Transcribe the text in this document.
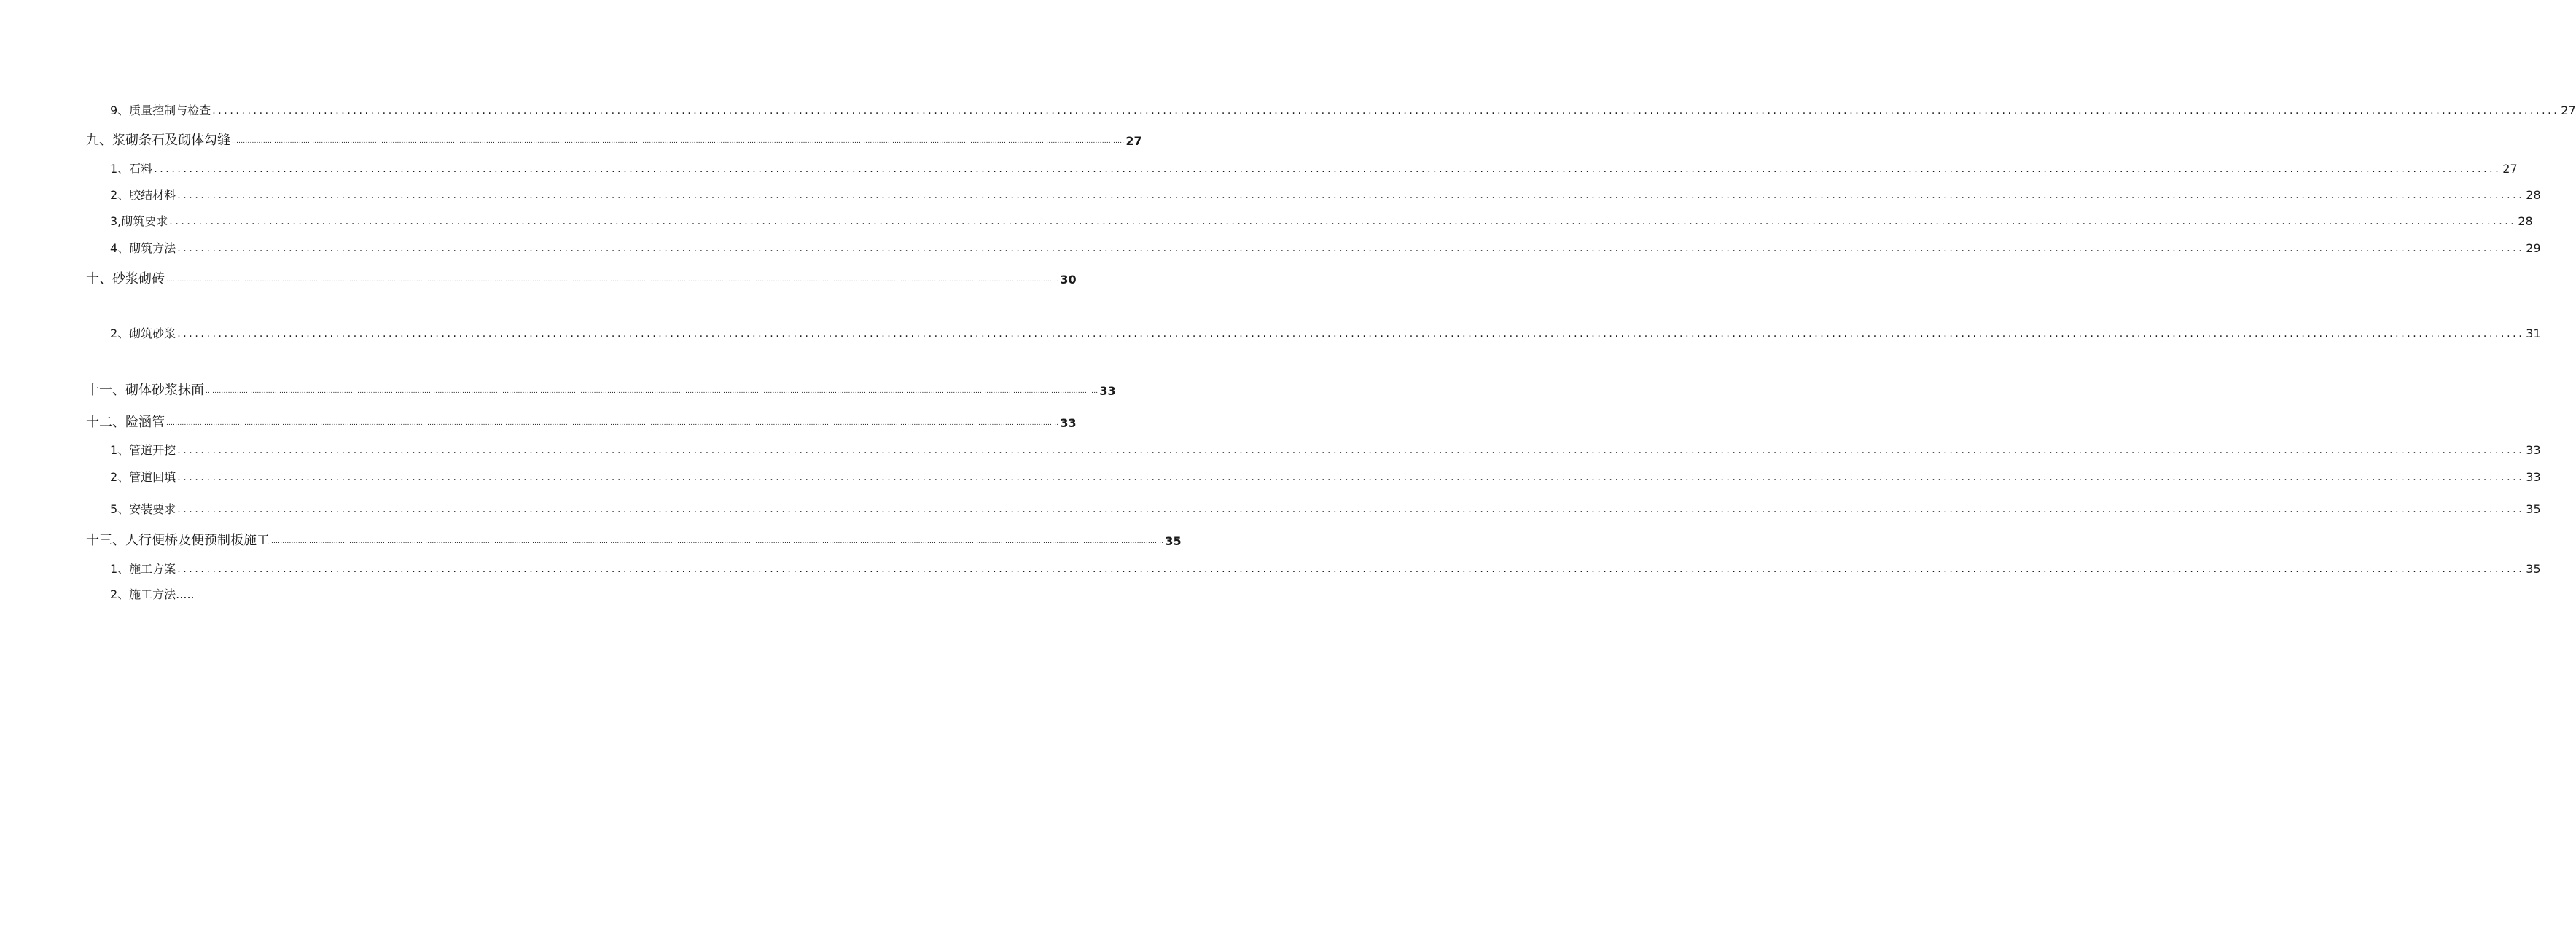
9、质量控制与检查 ................................................................................................................................................................................................................................................................................................................................................................................................................ 27
九、浆砌条石及砌体勾缝 ................................................................................................................................................................................................................................................................................................................................................................................................................ 27
1、石料 ................................................................................................................................................................................................................................................................................................................................................................................................................ 27
2、胶结材料 ................................................................................................................................................................................................................................................................................................................................................................................................................ 28
3,砌筑要求 ................................................................................................................................................................................................................................................................................................................................................................................................................ 28
4、砌筑方法 ................................................................................................................................................................................................................................................................................................................................................................................................................ 29
十、砂浆砌砖 ................................................................................................................................................................................................................................................................................................................................................................................................................ 30
2、砌筑砂浆 ................................................................................................................................................................................................................................................................................................................................................................................................................ 31
十一、砌体砂浆抹面 ................................................................................................................................................................................................................................................................................................................................................................................................................ 33
十二、险涵管 ................................................................................................................................................................................................................................................................................................................................................................................................................ 33
1、管道开挖 ................................................................................................................................................................................................................................................................................................................................................................................................................ 33
2、管道回填 ................................................................................................................................................................................................................................................................................................................................................................................................................ 33
5、安装要求 ................................................................................................................................................................................................................................................................................................................................................................................................................ 35
十三、人行便桥及便预制板施工 ................................................................................................................................................................................................................................................................................................................................................................................................................ 35
1、施工方案 ................................................................................................................................................................................................................................................................................................................................................................................................................ 35
2、施工方法.....
